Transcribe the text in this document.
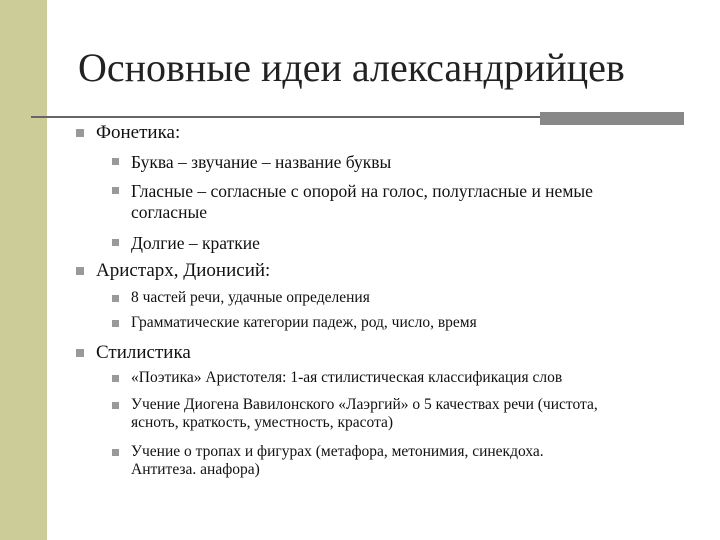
Основные идеи александрийцев
Фонетика:
Буква – звучание – название буквы
Гласные – согласные с опорой на голос, полугласные и немые
согласные
Долгие – краткие
Аристарх, Дионисий:
8 частей речи, удачные определения
Грамматические категории падеж, род, число, время
Стилистика
«Поэтика» Аристотеля: 1-ая стилистическая классификация слов
Учение Диогена Вавилонского «Лаэргий» о 5 качествах речи (чистота,
ясноть, краткость, уместность, красота)
Учение о тропах и фигурах (метафора, метонимия, синекдоха.
Антитеза. анафора)
